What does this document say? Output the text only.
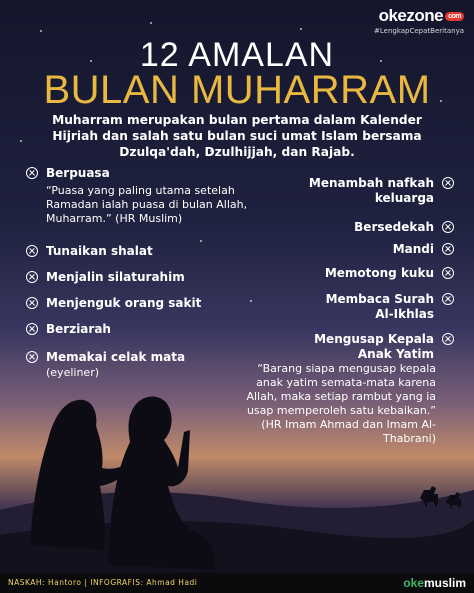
okezone com
#LengkapCepatBeritanya
12 AMALAN
BULAN MUHARRAM
Muharram merupakan bulan pertama dalam Kalender Hijriah dan salah satu bulan suci umat Islam bersama Dzulqa'dah, Dzulhijjah, dan Rajab.
Berpuasa
“Puasa yang paling utama setelah Ramadan ialah puasa di bulan Allah, Muharram.” (HR Muslim)
Tunaikan shalat
Menjalin silaturahim
Menjenguk orang sakit
Berziarah
Memakai celak mata
(eyeliner)
Menambah nafkah
keluarga
Bersedekah
Mandi
Memotong kuku
Membaca Surah
Al-Ikhlas
Mengusap Kepala
Anak Yatim
“Barang siapa mengusap kepala anak yatim semata-mata karena Allah, maka setiap rambut yang ia usap memperoleh satu kebaikan.” (HR Imam Ahmad dan Imam Al-Thabrani)
NASKAH: Hantoro | INFOGRAFIS: Ahmad Hadi	okemuslim
